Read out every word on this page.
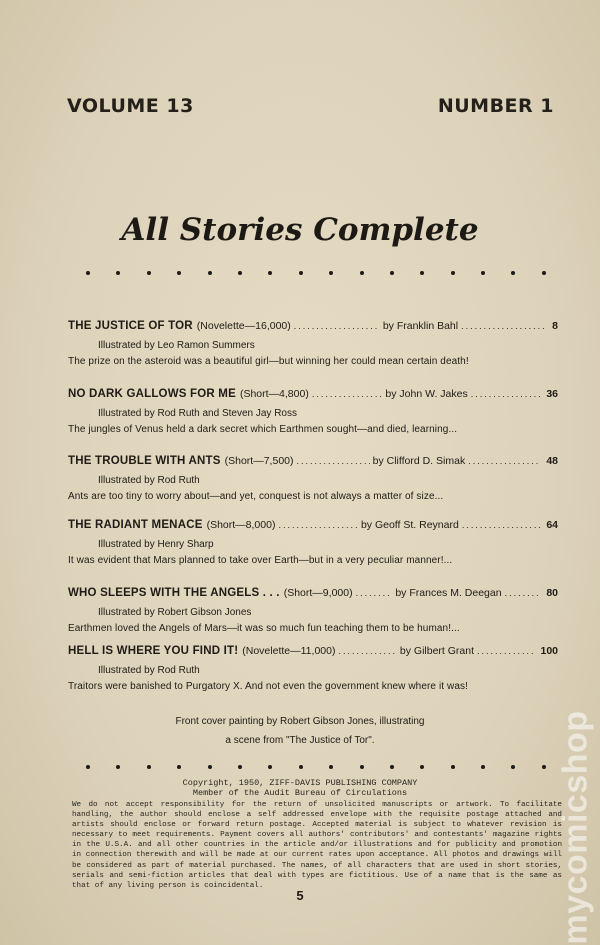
VOLUME 13	NUMBER 1
All Stories Complete
THE JUSTICE OF TOR (Novelette—16,000) .....	by Franklin Bahl .....	8
Illustrated by Leo Ramon Summers
The prize on the asteroid was a beautiful girl—but winning her could mean certain death!
NO DARK GALLOWS FOR ME (Short—4,800) .....	by John W. Jakes .....	36
Illustrated by Rod Ruth and Steven Jay Ross
The jungles of Venus held a dark secret which Earthmen sought—and died, learning...
THE TROUBLE WITH ANTS (Short—7,500) .....	by Clifford D. Simak .....	48
Illustrated by Rod Ruth
Ants are too tiny to worry about—and yet, conquest is not always a matter of size...
THE RADIANT MENACE (Short—8,000) .....	by Geoff St. Reynard .....	64
Illustrated by Henry Sharp
It was evident that Mars planned to take over Earth—but in a very peculiar manner!...
WHO SLEEPS WITH THE ANGELS . . . (Short—9,000) .....	by Frances M. Deegan .....	80
Illustrated by Robert Gibson Jones
Earthmen loved the Angels of Mars—it was so much fun teaching them to be human!...
HELL IS WHERE YOU FIND IT! (Novelette—11,000) .....	by Gilbert Grant .....	100
Illustrated by Rod Ruth
Traitors were banished to Purgatory X. And not even the government knew where it was!
Front cover painting by Robert Gibson Jones, illustrating
a scene from "The Justice of Tor".
Copyright, 1950, ZIFF-DAVIS PUBLISHING COMPANY
Member of the Audit Bureau of Circulations
We do not accept responsibility for the return of unsolicited manuscripts or artwork. To facilitate handling, the author should enclose a self addressed envelope with the requisite postage attached and artists should enclose or forward return postage. Accepted material is subject to whatever revision is necessary to meet requirements. Payment covers all authors' contributors' and contestants' magazine rights in the U.S.A. and all other countries in the article and/or illustrations and for publicity and promotion in connection therewith and will be made at our current rates upon acceptance. All photos and drawings will be considered as part of material purchased. The names, of all characters that are used in short stories, serials and semi-fiction articles that deal with types are fictitious. Use of a name that is the same as that of any living person is coincidental.
5	mycomicshop
